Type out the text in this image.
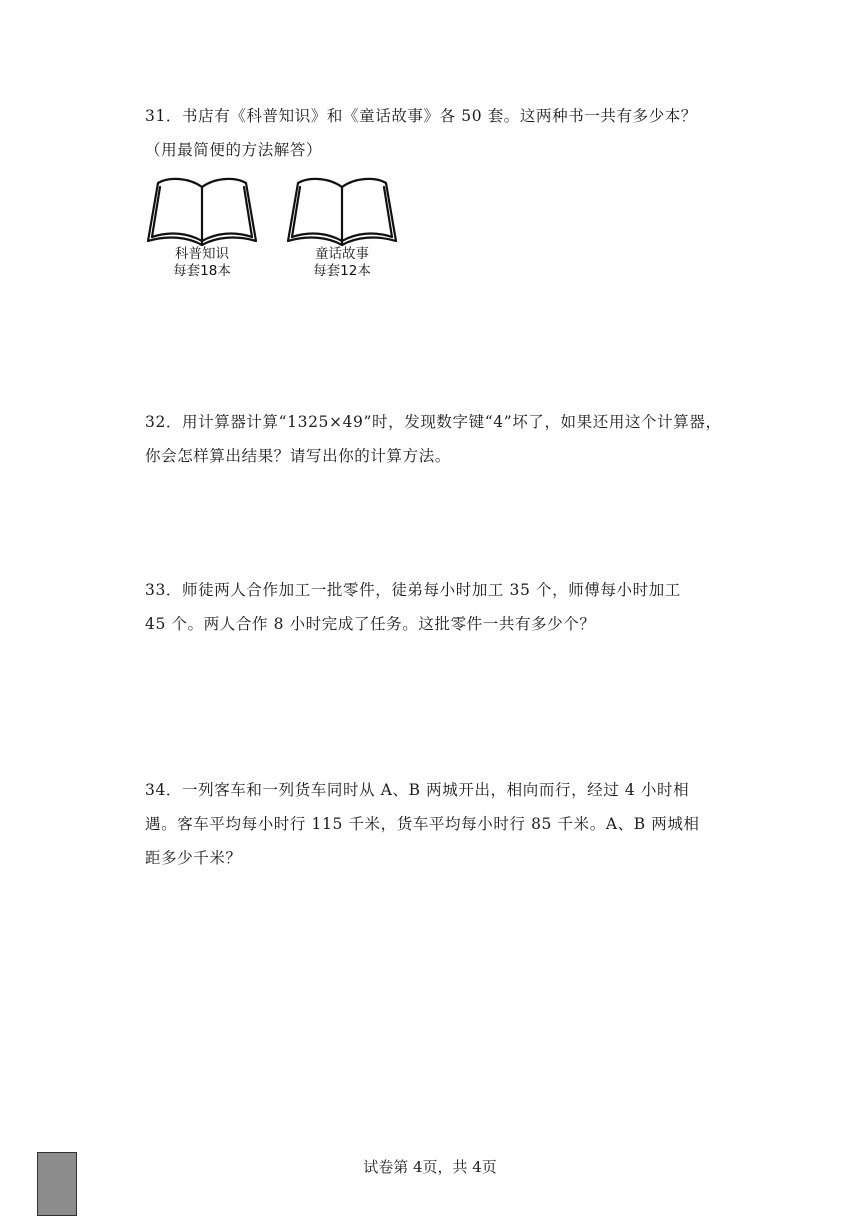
31．书店有《科普知识》和《童话故事》各 50 套。这两种书一共有多少本？

（用最简便的方法解答）

科普知识
每套18本
童话故事
每套12本

32．用计算器计算“1325×49”时，发现数字键“4”坏了，如果还用这个计算器，

你会怎样算出结果？请写出你的计算方法。

33．师徒两人合作加工一批零件，徒弟每小时加工 35 个，师傅每小时加工

45 个。两人合作 8 小时完成了任务。这批零件一共有多少个？

34．一列客车和一列货车同时从 A、B 两城开出，相向而行，经过 4 小时相

遇。客车平均每小时行 115 千米，货车平均每小时行 85 千米。A、B 两城相

距多少千米？

试卷第 4页，共 4页
